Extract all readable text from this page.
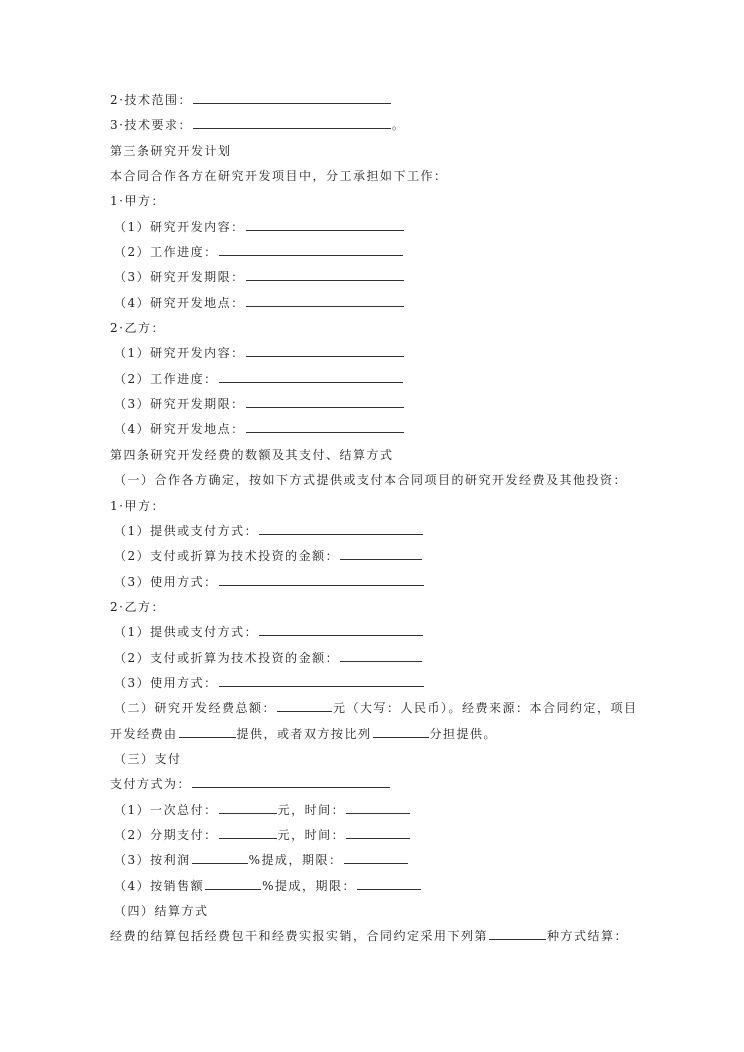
2·技术范围：
3·技术要求：	。
第三条研究开发计划
本合同合作各方在研究开发项目中，分工承担如下工作：
1·甲方：
（1）研究开发内容：
（2）工作进度：
（3）研究开发期限：
（4）研究开发地点：
2·乙方：
（1）研究开发内容：
（2）工作进度：
（3）研究开发期限：
（4）研究开发地点：
第四条研究开发经费的数额及其支付、结算方式
（一）合作各方确定，按如下方式提供或支付本合同项目的研究开发经费及其他投资：
1·甲方：
（1）提供或支付方式：
（2）支付或折算为技术投资的金额：
（3）使用方式：
2·乙方：
（1）提供或支付方式：
（2）支付或折算为技术投资的金额：
（3）使用方式：
（二）研究开发经费总额：	元（大写：人民币）。经费来源：本合同约定，项目
开发经费由	提供，或者双方按比列	分担提供。
（三）支付
支付方式为：
（1）一次总付：	元，时间：
（2）分期支付：	元，时间：
（3）按利润	%提成，期限：
（4）按销售额	%提成，期限：
（四）结算方式
经费的结算包括经费包干和经费实报实销，合同约定采用下列第	种方式结算：
